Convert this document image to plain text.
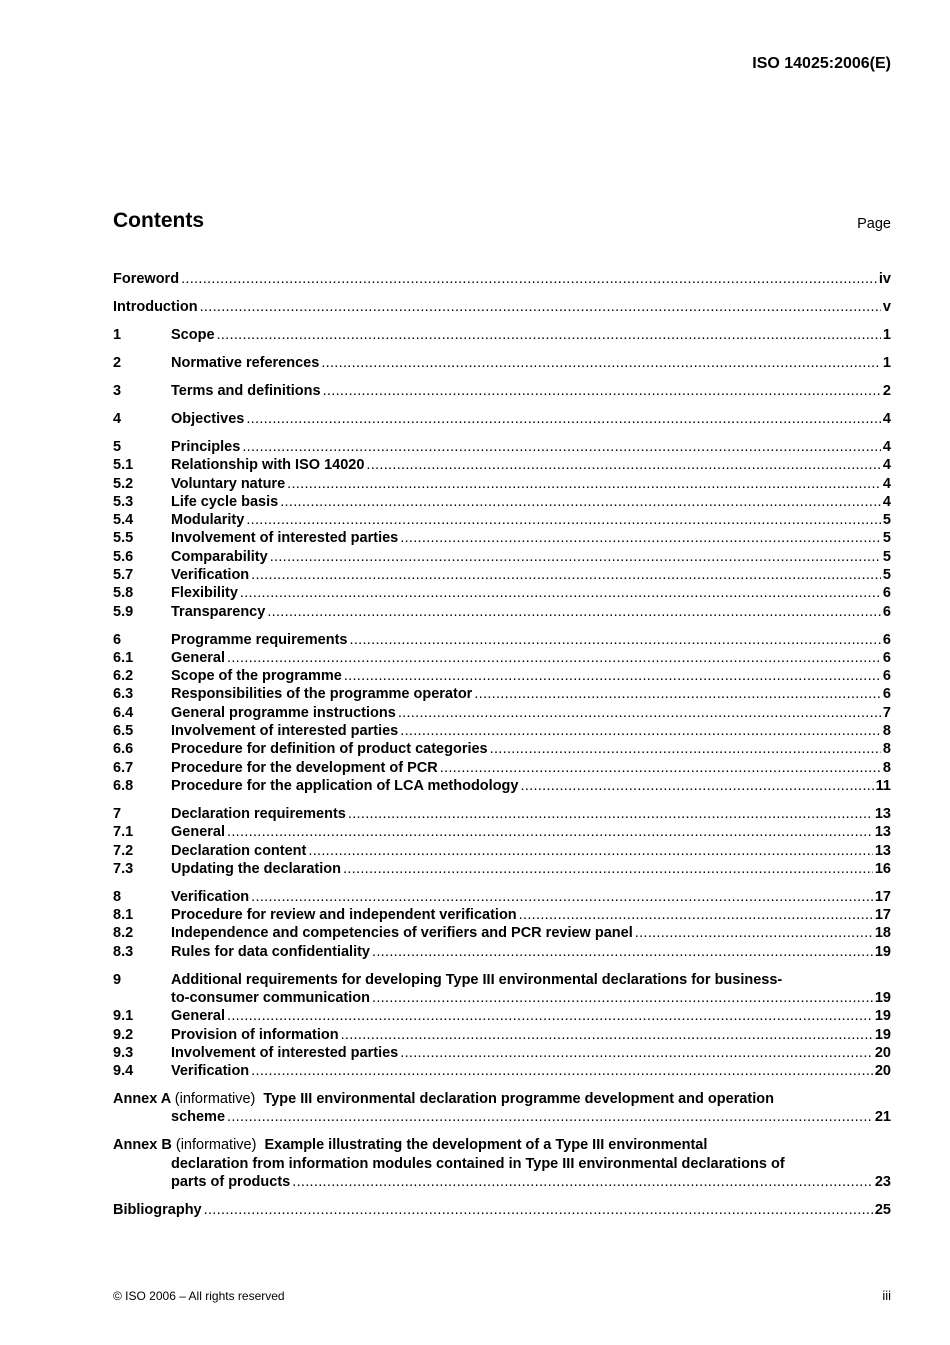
ISO 14025:2006(E)
Contents	Page
Foreword .....	iv
Introduction .....	v
1	Scope .....	1
2	Normative references .....	1
3	Terms and definitions .....	2
4	Objectives .....	4
5	Principles .....	4
5.1	Relationship with ISO 14020 .....	4
5.2	Voluntary nature .....	4
5.3	Life cycle basis .....	4
5.4	Modularity .....	5
5.5	Involvement of interested parties .....	5
5.6	Comparability .....	5
5.7	Verification .....	5
5.8	Flexibility .....	6
5.9	Transparency .....	6
6	Programme requirements .....	6
6.1	General .....	6
6.2	Scope of the programme .....	6
6.3	Responsibilities of the programme operator .....	6
6.4	General programme instructions .....	7
6.5	Involvement of interested parties .....	8
6.6	Procedure for definition of product categories .....	8
6.7	Procedure for the development of PCR .....	8
6.8	Procedure for the application of LCA methodology .....	11
7	Declaration requirements .....	13
7.1	General .....	13
7.2	Declaration content .....	13
7.3	Updating the declaration .....	16
8	Verification .....	17
8.1	Procedure for review and independent verification .....	17
8.2	Independence and competencies of verifiers and PCR review panel .....	18
8.3	Rules for data confidentiality .....	19
9	Additional requirements for developing Type III environmental declarations for business-
to-consumer communication .....	19
9.1	General .....	19
9.2	Provision of information .....	19
9.3	Involvement of interested parties .....	20
9.4	Verification .....	20
Annex A (informative) Type III environmental declaration programme development and operation
scheme .....	21
Annex B (informative) Example illustrating the development of a Type III environmental
declaration from information modules contained in Type III environmental declarations of
parts of products .....	23
Bibliography .....	25
© ISO 2006 – All rights reserved	iii
